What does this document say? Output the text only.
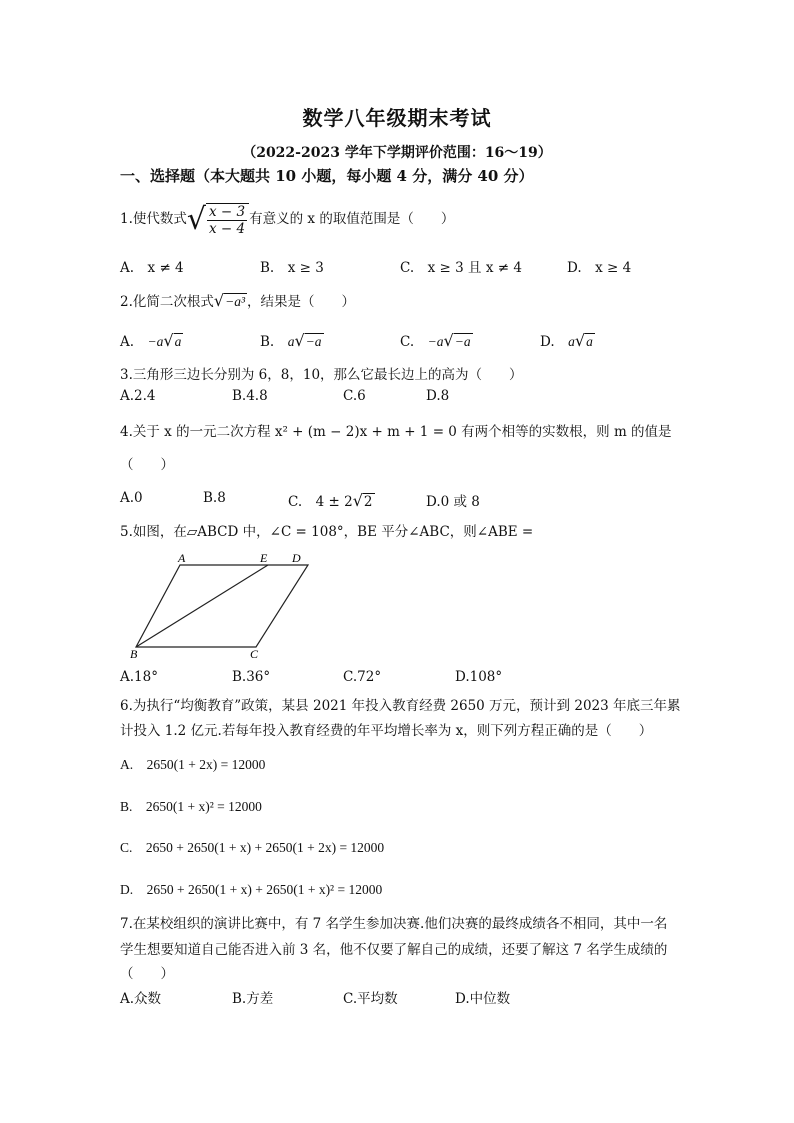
数学八年级期末考试
（2022-2023 学年下学期评价范围：16～19）
一、选择题（本大题共 10 小题，每小题 4 分，满分 40 分）
1.使代数式√ $\frac{x - 3}{x - 4}$ 有意义的 x 的取值范围是（　　）
A.　x ≠ 4	B.　x ≥ 3	C.　x ≥ 3 且 x ≠ 4	D.　x ≥ 4
2.化简二次根式√−a³ ，结果是（　　）
A.　 −a√a	B.　 a√−a	C.　 −a√−a	D.　 a√a
3.三角形三边长分别为 6，8，10，那么它最长边上的高为（　　）
A.2.4	B.4.8	C.6	D.8
4.关于 x 的一元二次方程 x² + (m − 2)x + m + 1 = 0 有两个相等的实数根，则 m 的值是
（　　）
A.0	B.8	C.　4 ± 2√2	D.0 或 8
5.如图，在▱ABCD 中，∠C = 108°，BE 平分∠ABC，则∠ABE =
A	E D
B	C
A.18°	B.36°	C.72°	D.108°
6.为执行“均衡教育”政策，某县 2021 年投入教育经费 2650 万元，预计到 2023 年底三年累
计投入 1.2 亿元.若每年投入教育经费的年平均增长率为 x，则下列方程正确的是（　　）
A.　2650(1 + 2x) = 12000
B.　2650(1 + x)² = 12000
C.　2650 + 2650(1 + x) + 2650(1 + 2x) = 12000
D.　2650 + 2650(1 + x) + 2650(1 + x)² = 12000
7.在某校组织的演讲比赛中，有 7 名学生参加决赛.他们决赛的最终成绩各不相同，其中一名
学生想要知道自己能否进入前 3 名，他不仅要了解自己的成绩，还要了解这 7 名学生成绩的
（　　）
A.众数	B.方差	C.平均数	D.中位数
